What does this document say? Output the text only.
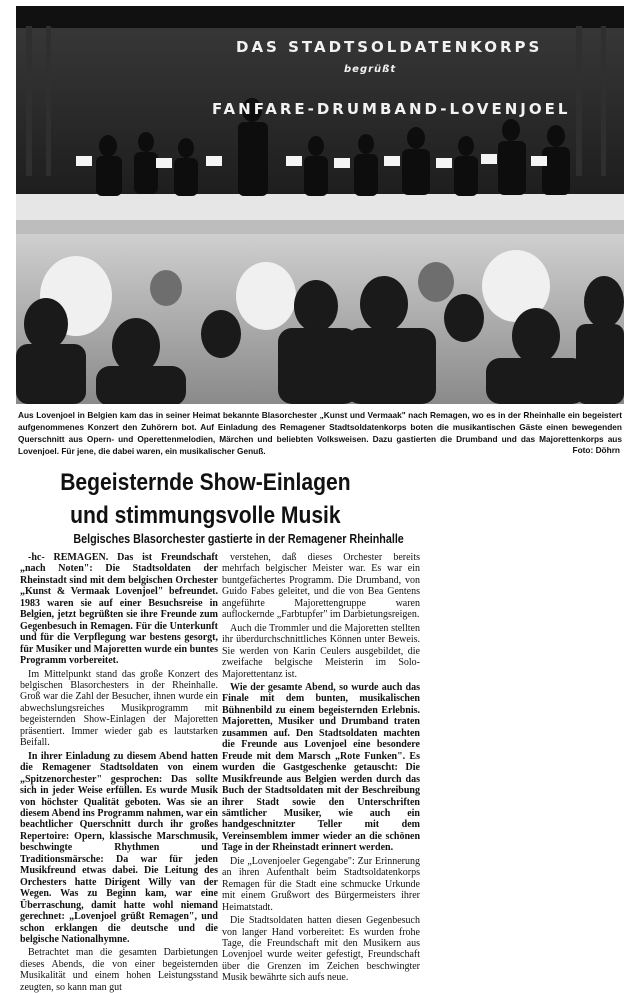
DAS STADTSOLDATENKORPS
begrüßt
FANFARE-DRUMBAND-LOVENJOEL
Aus Lovenjoel in Belgien kam das in seiner Heimat bekannte Blasorchester „Kunst und Vermaak" nach Remagen, wo es in der Rheinhalle ein begeistert aufgenommenes Konzert den Zuhörern bot. Auf Einladung des Remagener Stadtsoldatenkorps boten die musikantischen Gäste einen bewegenden Querschnitt aus Opern- und Operettenmelodien, Märchen und beliebten Volksweisen. Dazu gastierten die Drumband und das Majorettenkorps aus Lovenjoel. Für jene, die dabei waren, ein musikalischer Genuß.	Foto: Döhrn
Begeisternde Show-Einlagen
und stimmungsvolle Musik
Belgisches Blasorchester gastierte in der Remagener Rheinhalle

-hc- REMAGEN. Das ist Freundschaft „nach Noten": Die Stadtsoldaten der Rheinstadt sind mit dem belgischen Orchester „Kunst & Vermaak Lovenjoel" befreundet. 1983 waren sie auf einer Besuchsreise in Belgien, jetzt begrüßten sie ihre Freunde zum Gegenbesuch in Remagen. Für die Unterkunft und für die Verpflegung war bestens gesorgt, für Musiker und Majoretten wurde ein buntes Programm vorbereitet.

Im Mittelpunkt stand das große Konzert des belgischen Blasorchesters in der Rheinhalle. Groß war die Zahl der Besucher, ihnen wurde ein abwechslungsreiches Musikprogramm mit begeisternden Show-Einlagen der Majoretten präsentiert. Immer wieder gab es lautstarken Beifall.

In ihrer Einladung zu diesem Abend hatten die Remagener Stadtsoldaten von einem „Spitzenorchester" gesprochen: Das sollte sich in jeder Weise erfüllen. Es wurde Musik von höchster Qualität geboten. Was sie an diesem Abend ins Programm nahmen, war ein beachtlicher Querschnitt durch ihr großes Repertoire: Opern, klassische Marschmusik, beschwingte Rhythmen und Traditionsmärsche: Da war für jeden Musikfreund etwas dabei. Die Leitung des Orchesters hatte Dirigent Willy van der Wegen. Was zu Beginn kam, war eine Überraschung, damit hatte wohl niemand gerechnet: „Lovenjoel grüßt Remagen", und schon erklangen die deutsche und die belgische Nationalhymne.

Betrachtet man die gesamten Darbietungen dieses Abends, die von einer begeisternden Musikalität und einem hohen Leistungsstand zeugten, so kann man gut

verstehen, daß dieses Orchester bereits mehrfach belgischer Meister war. Es war ein buntgefächertes Programm. Die Drumband, von Guido Fabes geleitet, und die von Bea Gentens angeführte Majorettengruppe waren auflockernde „Farbtupfer" im Darbietungsreigen.

Auch die Trommler und die Majoretten stellten ihr überdurchschnittliches Können unter Beweis. Sie werden von Karin Ceulers ausgebildet, die zweifache belgische Meisterin im Solo-Majorettentanz ist.

Wie der gesamte Abend, so wurde auch das Finale mit dem bunten, musikalischen Bühnenbild zu einem begeisternden Erlebnis. Majoretten, Musiker und Drumband traten zusammen auf. Den Stadtsoldaten machten die Freunde aus Lovenjoel eine besondere Freude mit dem Marsch „Rote Funken". Es wurden die Gastgeschenke getauscht: Die Musikfreunde aus Belgien werden durch das Buch der Stadtsoldaten mit der Beschreibung ihrer Stadt sowie den Unterschriften sämtlicher Musiker, wie auch ein handgeschnitzter Teller mit dem Vereinsemblem immer wieder an die schönen Tage in der Rheinstadt erinnert werden.

Die „Lovenjoeler Gegengabe": Zur Erinnerung an ihren Aufenthalt beim Stadtsoldatenkorps Remagen für die Stadt eine schmucke Urkunde mit einem Grußwort des Bürgermeisters ihrer Heimatstadt.

Die Stadtsoldaten hatten diesen Gegenbesuch von langer Hand vorbereitet: Es wurden frohe Tage, die Freundschaft mit den Musikern aus Lovenjoel wurde weiter gefestigt, Freundschaft über die Grenzen im Zeichen beschwingter Musik bewährte sich aufs neue.
